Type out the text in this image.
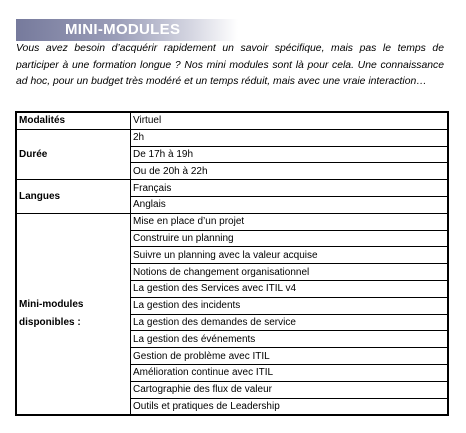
MINI-MODULES

Vous avez besoin d’acquérir rapidement un savoir spécifique, mais pas le temps de participer à une formation longue ? Nos mini modules sont là pour cela. Une connaissance ad hoc, pour un budget très modéré et un temps réduit, mais avec une vraie interaction…

Modalités	Virtuel
Durée	2h
	De 17h à 19h
	Ou de 20h à 22h
Langues	Français
	Anglais
Mini-modules disponibles :	Mise en place d’un projet
	Construire un planning
	Suivre un planning avec la valeur acquise
	Notions de changement organisationnel
	La gestion des Services avec ITIL v4
	La gestion des incidents
	La gestion des demandes de service
	La gestion des événements
	Gestion de problème avec ITIL
	Amélioration continue avec ITIL
	Cartographie des flux de valeur
	Outils et pratiques de Leadership
